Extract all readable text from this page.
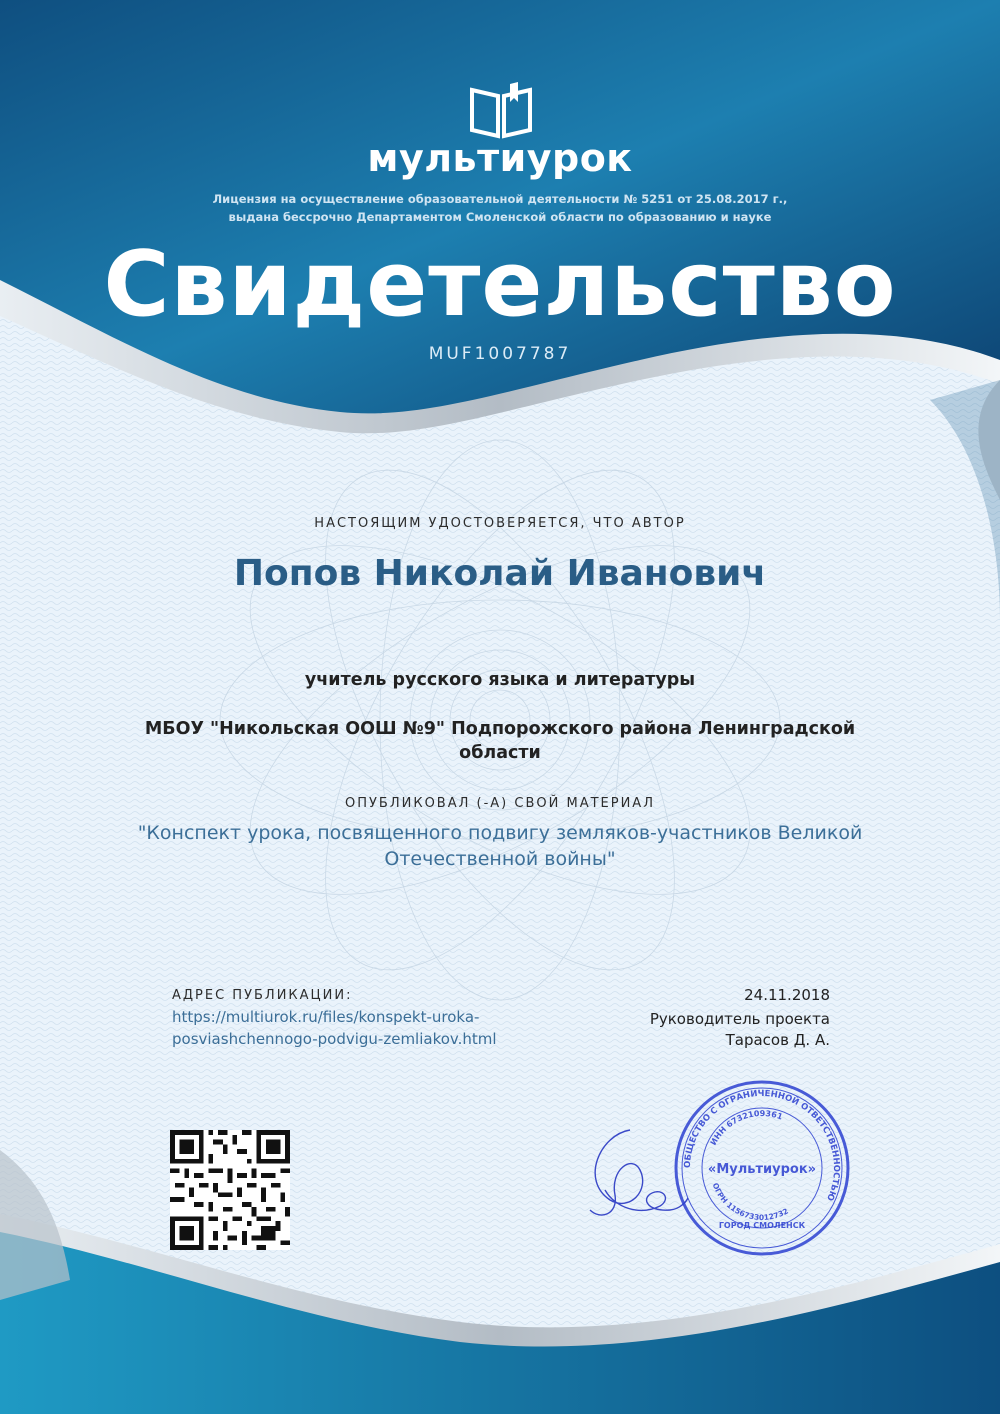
мультиурок
Лицензия на осуществление образовательной деятельности № 5251 от 25.08.2017 г.,
выдана бессрочно Департаментом Смоленской области по образованию и науке
Свидетельство
MUF1007787
НАСТОЯЩИМ УДОСТОВЕРЯЕТСЯ, ЧТО АВТОР
Попов Николай Иванович
учитель русского языка и литературы
МБОУ "Никольская ООШ №9" Подпорожского района Ленинградской области
ОПУБЛИКОВАЛ (-А) СВОЙ МАТЕРИАЛ
"Конспект урока, посвященного подвигу земляков-участников Великой Отечественной войны"
АДРЕС ПУБЛИКАЦИИ:
https://multiurok.ru/files/konspekt-uroka-
posviashchennogo-podvigu-zemliakov.html
24.11.2018
Руководитель проекта
Тарасов Д. А.
ОБЩЕСТВО С ОГРАНИЧЕННОЙ ОТВЕТСТВЕННОСТЬЮ
ИНН 6732109361
ОГРН 1156733012732
«Мультиурок»
ГОРОД СМОЛЕНСК
